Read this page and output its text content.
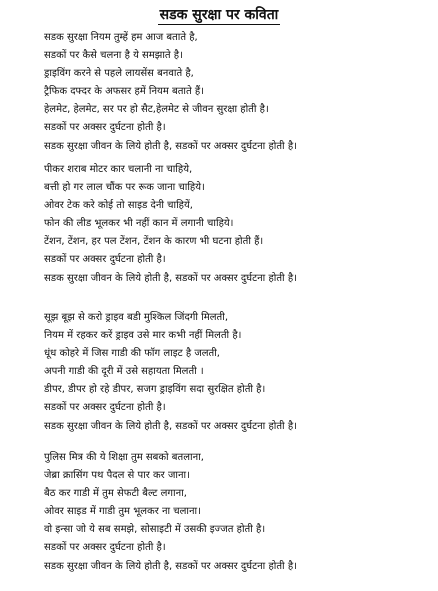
सडक सुरक्षा पर कविता
सडक सुरक्षा नियम तुम्हें हम आज बताते है,
सडकों पर कैसे चलना है ये समझाते है।
ड्राइविंग करने से पहले लायसेंस बनवाते है,
ट्रैफिक दफ्दर के अफसर हमें नियम बताते हैं।
हेलमेट, हेलमेट, सर पर हो सैट,हेलमेट से जीवन सुरक्षा होती है।
सडकों पर अक्सर दुर्घटना होती है।
सडक सुरक्षा जीवन के लिये होती है, सडकों पर अक्सर दुर्घटना होती है।
पीकर शराब मोटर कार चलानी ना चाहिये,
बत्ती हो गर लाल चौंक पर रूक जाना चाहिये।
ओवर टेक करे कोई तो साइड देनी चाहियें,
फोन की लीड भूलकर भी नहीं कान में लगानी चाहिये।
टेंशन, टेंशन, हर पल टेंशन, टेंशन के कारण भी घटना होती हैं।
सडकों पर अक्सर दुर्घटना होती है।
सडक सुरक्षा जीवन के लिये होती है, सडकों पर अक्सर दुर्घटना होती है।
सूझ बूझ से करो ड्राइव बडी मुश्किल जिंदगी मिलती,
नियम में रहकर करें ड्राइव उसे मार कभी नहीं मिलती है।
धूंध कोहरे में जिस गाडी की फॉग लाइट है जलती,
अपनी गाडी की दूरी में उसे सहायता मिलती ।
डीपर, डीपर हो रहे डीपर, सजग ड्राइविंग सदा सुरक्षित होती है।
सडकों पर अक्सर दुर्घटना होती है।
सडक सुरक्षा जीवन के लिये होती है, सडकों पर अक्सर दुर्घटना होती है।
पुलिस मित्र की ये शिक्षा तुम सबको बतलाना,
जेब्रा क्रासिंग पथ पैदल से पार कर जाना।
बैठ कर गाडी में तुम सेफटी बैल्ट लगाना,
ओवर साइड में गाडी तुम भूलकर ना चलाना।
वो इन्सा जो ये सब समझे, सोसाइटी में उसकी इज्जत होती है।
सडकों पर अक्सर दुर्घटना होती है।
सडक सुरक्षा जीवन के लिये होती है, सडकों पर अक्सर दुर्घटना होती है।
